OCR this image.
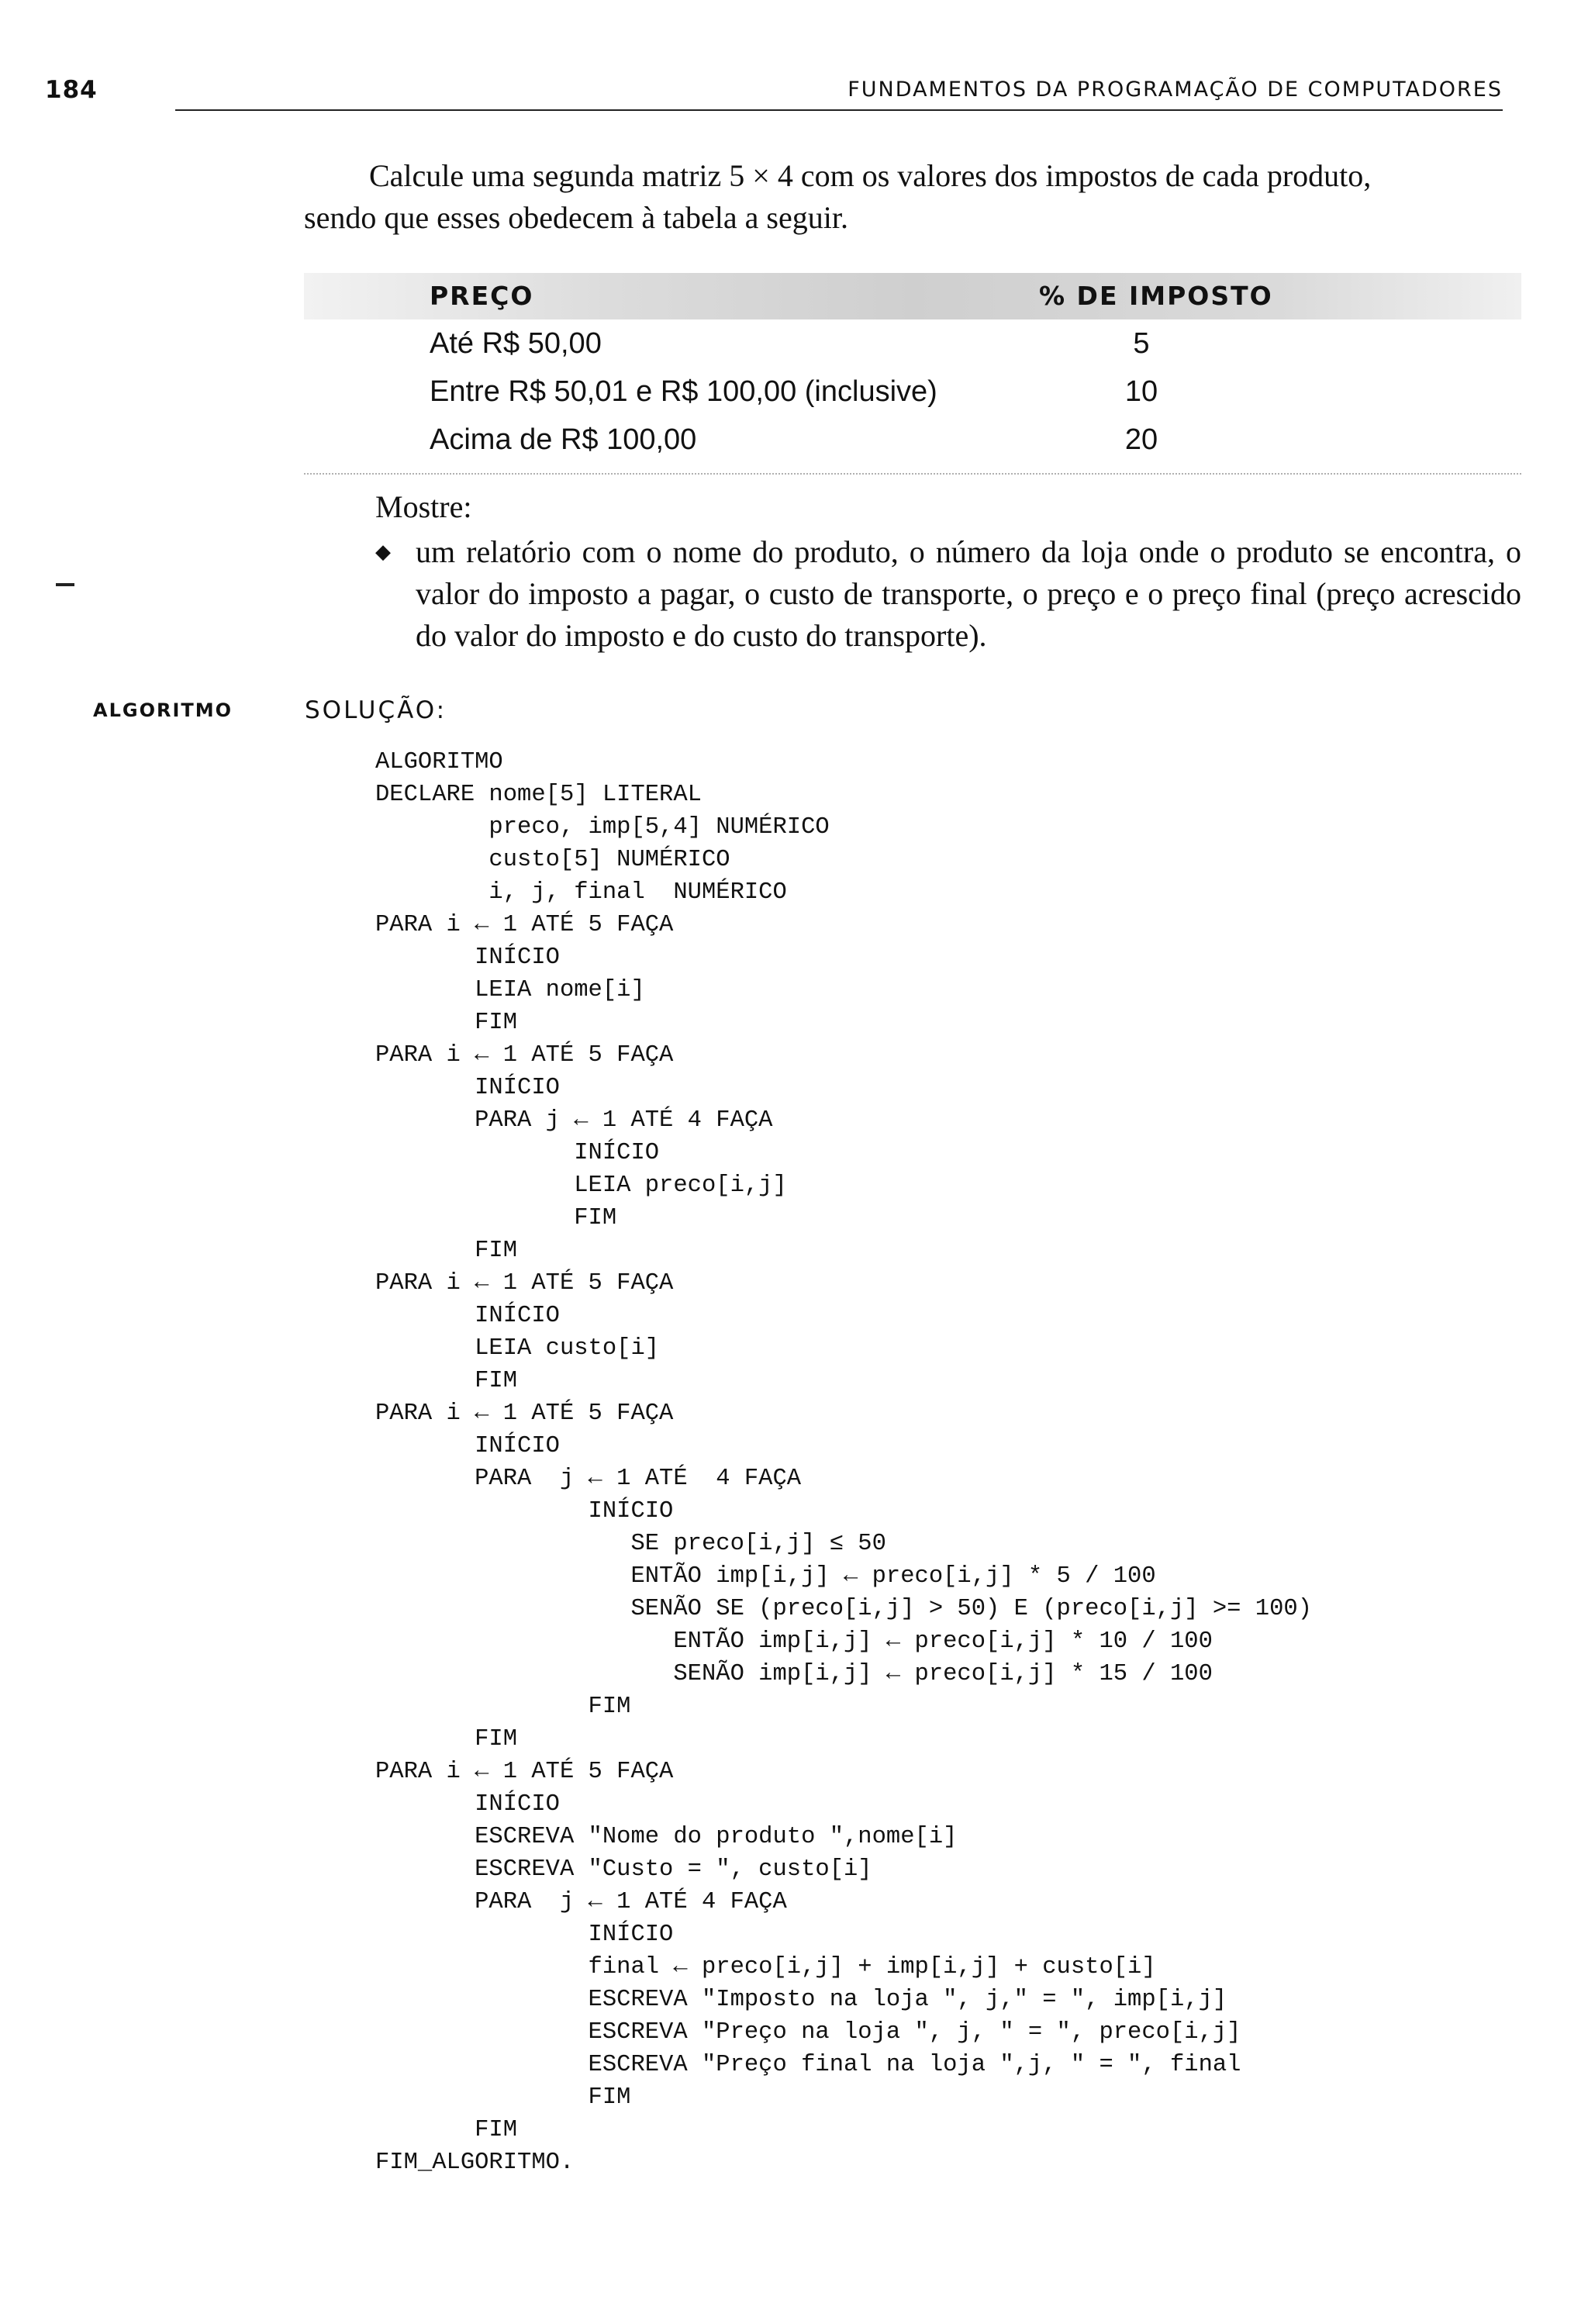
184	FUNDAMENTOS DA PROGRAMAÇÃO DE COMPUTADORES
Calcule uma segunda matriz 5 × 4 com os valores dos impostos de cada produto,
sendo que esses obedecem à tabela a seguir.
PREÇO	% DE IMPOSTO
Até R$ 50,00	5
Entre R$ 50,01 e R$ 100,00 (inclusive)	10
Acima de R$ 100,00	20
Mostre:
◆ um relatório com o nome do produto, o número da loja onde o produto se encontra, o valor do imposto a pagar, o custo de transporte, o preço e o preço final (preço acrescido do valor do imposto e do custo do transporte).
ALGORITMO	SOLUÇÃO:
ALGORITMO
DECLARE nome[5] LITERAL
preco, imp[5,4] NUMÉRICO
custo[5] NUMÉRICO
i, j, final  NUMÉRICO
PARA i ← 1 ATÉ 5 FAÇA
INÍCIO
LEIA nome[i]
FIM
PARA i ← 1 ATÉ 5 FAÇA
INÍCIO
PARA j ← 1 ATÉ 4 FAÇA
INÍCIO
LEIA preco[i,j]
FIM
FIM
PARA i ← 1 ATÉ 5 FAÇA
INÍCIO
LEIA custo[i]
FIM
PARA i ← 1 ATÉ 5 FAÇA
INÍCIO
PARA  j ← 1 ATÉ  4 FAÇA
INÍCIO
SE preco[i,j] ≤ 50
ENTÃO imp[i,j] ← preco[i,j] * 5 / 100
SENÃO SE (preco[i,j] > 50) E (preco[i,j] >= 100)
ENTÃO imp[i,j] ← preco[i,j] * 10 / 100
SENÃO imp[i,j] ← preco[i,j] * 15 / 100
FIM
FIM
PARA i ← 1 ATÉ 5 FAÇA
INÍCIO
ESCREVA "Nome do produto ",nome[i]
ESCREVA "Custo = ", custo[i]
PARA  j ← 1 ATÉ 4 FAÇA
INÍCIO
final ← preco[i,j] + imp[i,j] + custo[i]
ESCREVA "Imposto na loja ", j," = ", imp[i,j]
ESCREVA "Preço na loja ", j, " = ", preco[i,j]
ESCREVA "Preço final na loja ",j, " = ", final
FIM
FIM
FIM_ALGORITMO.
